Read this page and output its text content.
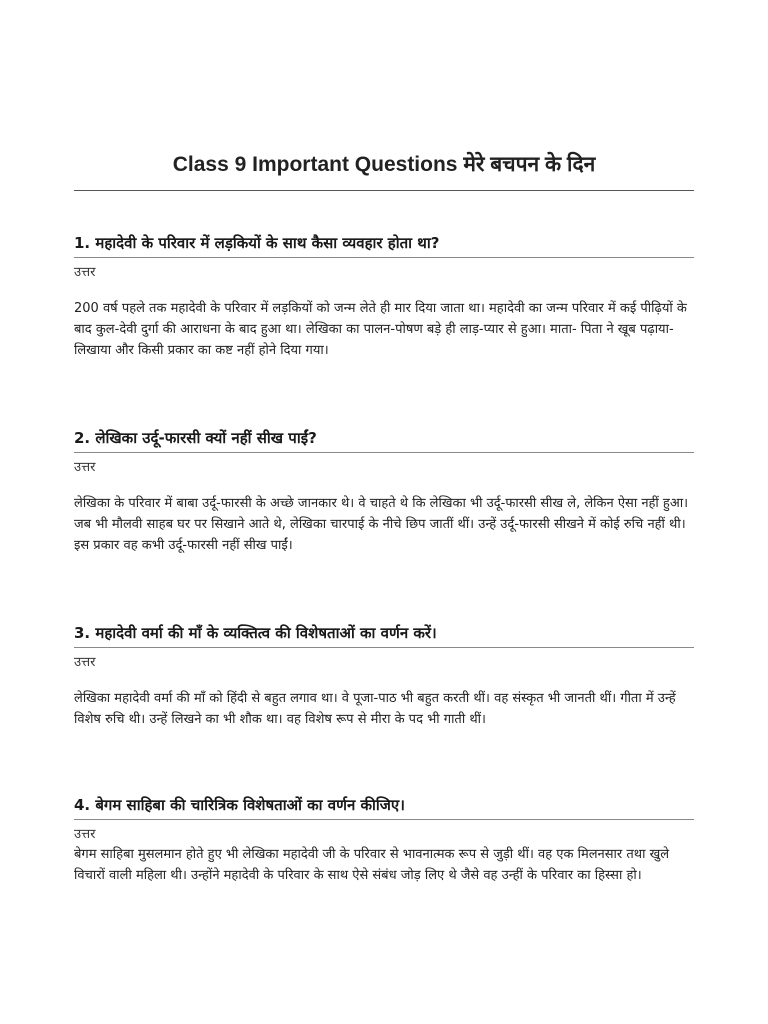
Class 9 Important Questions मेरे बचपन के दिन
1. महादेवी के परिवार में लड़कियों के साथ कैसा व्यवहार होता था?
उत्तर
200 वर्ष पहले तक महादेवी के परिवार में लड़कियों को जन्म लेते ही मार दिया जाता था। महादेवी का जन्म परिवार में कई पीढ़ियों के बाद कुल-देवी दुर्गा की आराधना के बाद हुआ था। लेखिका का पालन-पोषण बड़े ही लाड़-प्यार से हुआ। माता- पिता ने खूब पढ़ाया-लिखाया और किसी प्रकार का कष्ट नहीं होने दिया गया।
2. लेखिका उर्दू-फारसी क्यों नहीं सीख पाईं?
उत्तर
लेखिका के परिवार में बाबा उर्दू-फारसी के अच्छे जानकार थे। वे चाहते थे कि लेखिका भी उर्दू-फारसी सीख ले, लेकिन ऐसा नहीं हुआ। जब भी मौलवी साहब घर पर सिखाने आते थे, लेखिका चारपाई के नीचे छिप जातीं थीं। उन्हें उर्दू-फारसी सीखने में कोई रुचि नहीं थी। इस प्रकार वह कभी उर्दू-फारसी नहीं सीख पाईं।
3. महादेवी वर्मा की माँ के व्यक्तित्व की विशेषताओं का वर्णन करें।
उत्तर
लेखिका महादेवी वर्मा की माँ को हिंदी से बहुत लगाव था। वे पूजा-पाठ भी बहुत करती थीं। वह संस्कृत भी जानती थीं। गीता में उन्हें विशेष रुचि थी। उन्हें लिखने का भी शौक था। वह विशेष रूप से मीरा के पद भी गाती थीं।
4. बेगम साहिबा की चारित्रिक विशेषताओं का वर्णन कीजिए।
उत्तर
बेगम साहिबा मुसलमान होते हुए भी लेखिका महादेवी जी के परिवार से भावनात्मक रूप से जुड़ी थीं। वह एक मिलनसार तथा खुले विचारों वाली महिला थी। उन्होंने महादेवी के परिवार के साथ ऐसे संबंध जोड़ लिए थे जैसे वह उन्हीं के परिवार का हिस्सा हो।
